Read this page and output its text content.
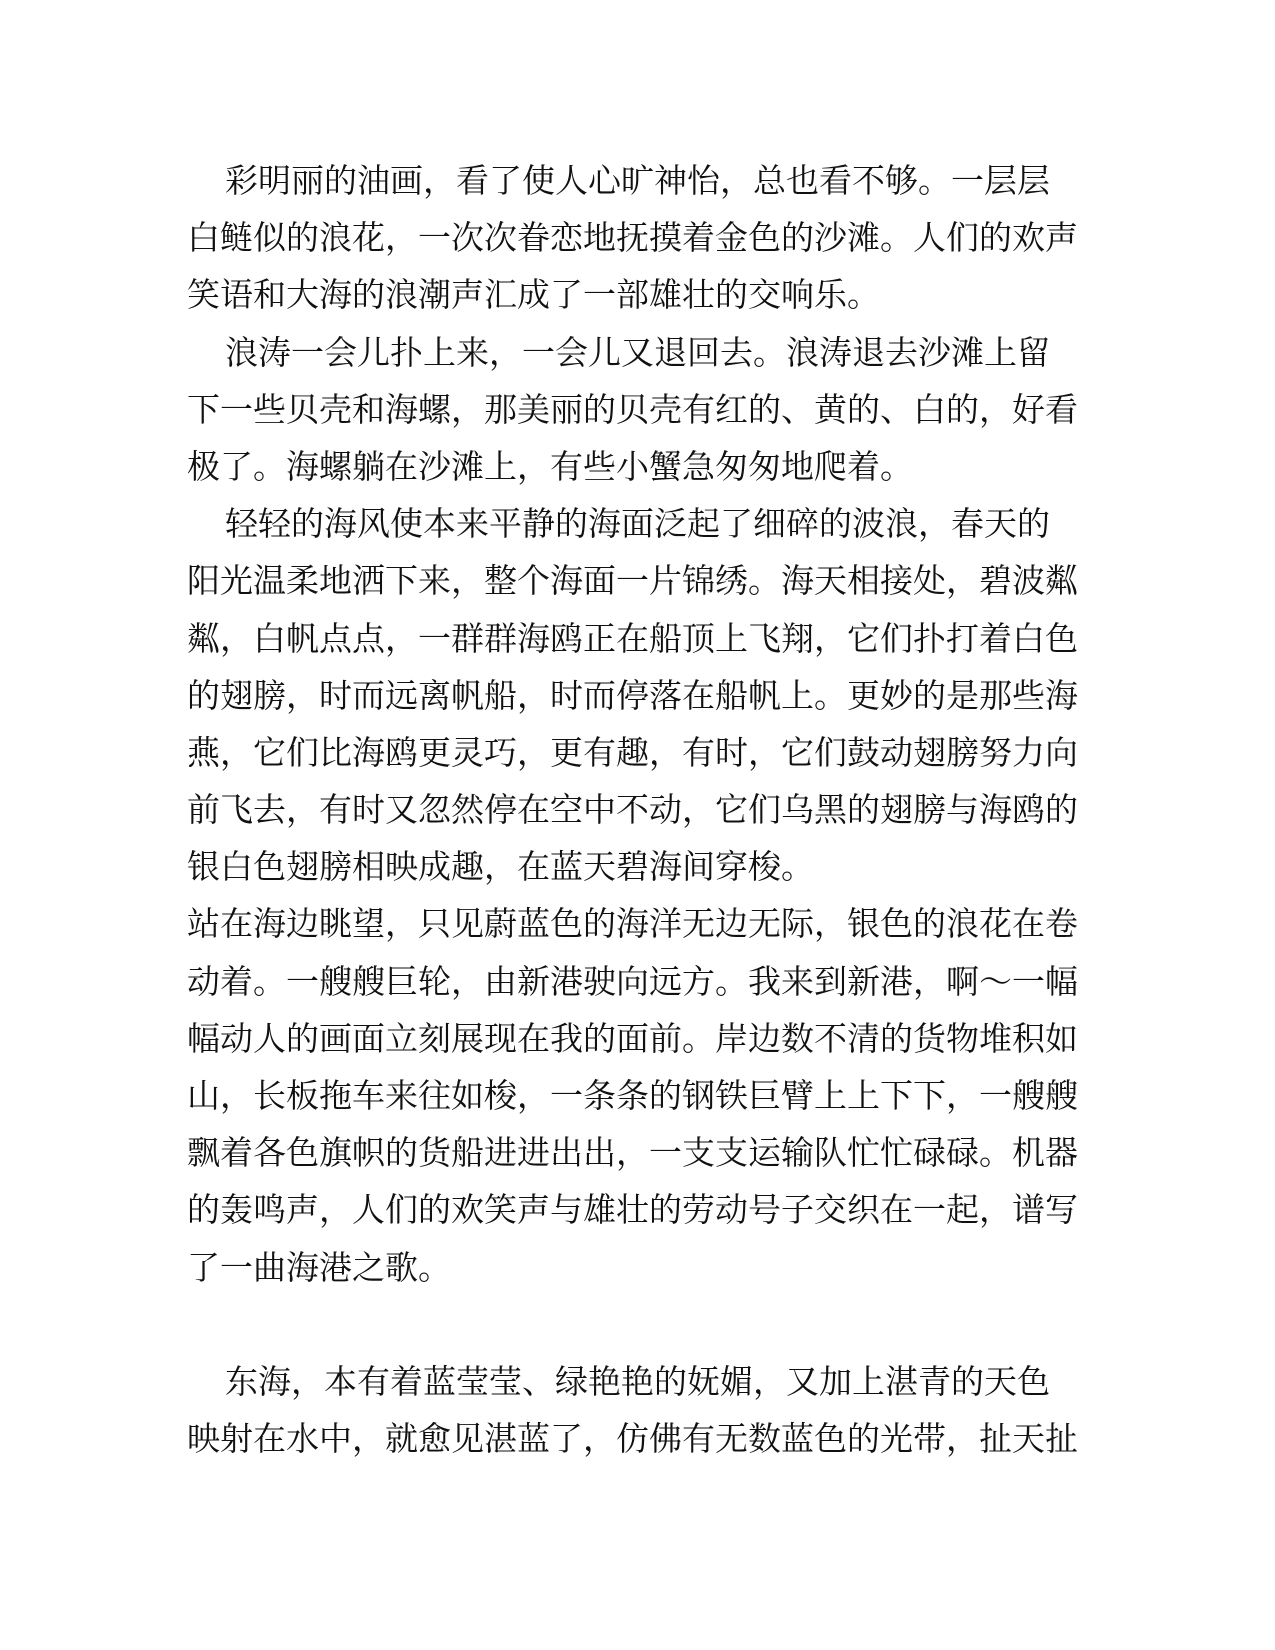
彩明丽的油画，看了使人心旷神怡，总也看不够。一层层
白鲢似的浪花，一次次眷恋地抚摸着金色的沙滩。人们的欢声
笑语和大海的浪潮声汇成了一部雄壮的交响乐。
浪涛一会儿扑上来，一会儿又退回去。浪涛退去沙滩上留
下一些贝壳和海螺，那美丽的贝壳有红的、黄的、白的，好看
极了。海螺躺在沙滩上，有些小蟹急匆匆地爬着。
轻轻的海风使本来平静的海面泛起了细碎的波浪，春天的
阳光温柔地洒下来，整个海面一片锦绣。海天相接处，碧波粼
粼，白帆点点，一群群海鸥正在船顶上飞翔，它们扑打着白色
的翅膀，时而远离帆船，时而停落在船帆上。更妙的是那些海
燕，它们比海鸥更灵巧，更有趣，有时，它们鼓动翅膀努力向
前飞去，有时又忽然停在空中不动，它们乌黑的翅膀与海鸥的
银白色翅膀相映成趣，在蓝天碧海间穿梭。
站在海边眺望，只见蔚蓝色的海洋无边无际，银色的浪花在卷
动着。一艘艘巨轮，由新港驶向远方。我来到新港，啊～一幅
幅动人的画面立刻展现在我的面前。岸边数不清的货物堆积如
山，长板拖车来往如梭，一条条的钢铁巨臂上上下下，一艘艘
飘着各色旗帜的货船进进出出，一支支运输队忙忙碌碌。机器
的轰鸣声，人们的欢笑声与雄壮的劳动号子交织在一起，谱写
了一曲海港之歌。
东海，本有着蓝莹莹、绿艳艳的妩媚，又加上湛青的天色
映射在水中，就愈见湛蓝了，仿佛有无数蓝色的光带，扯天扯
